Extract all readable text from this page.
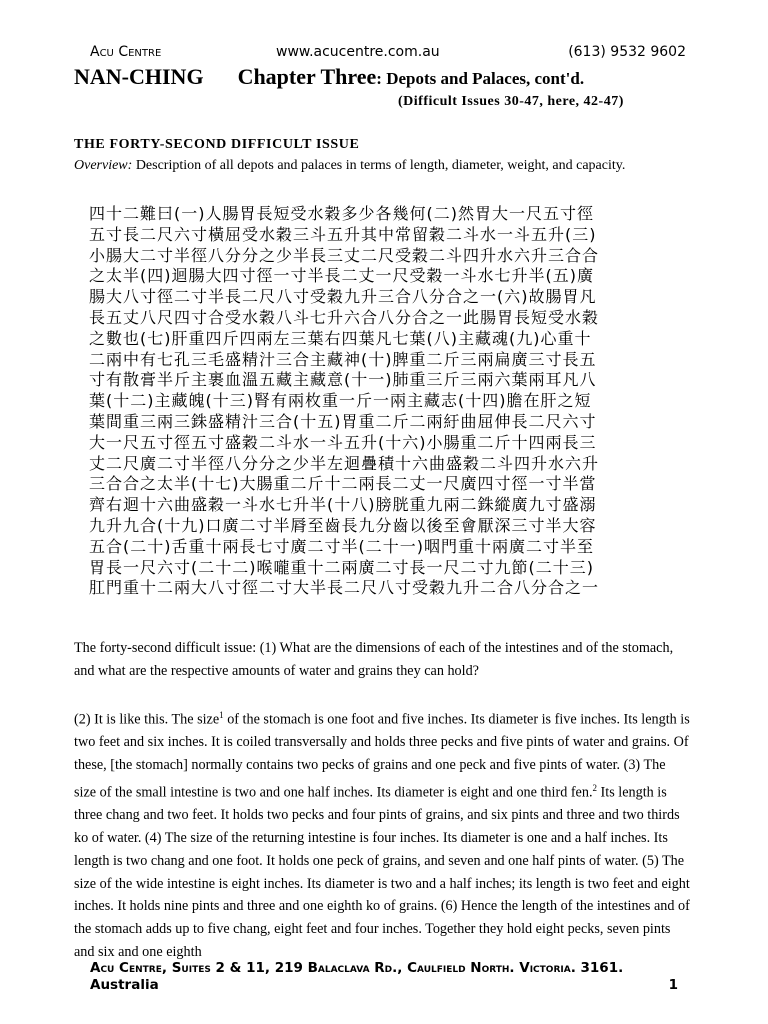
Acu Centre	www.acucentre.com.au	(613) 9532 9602
NAN-CHING Chapter Three: Depots and Palaces, cont'd.
(Difficult Issues 30-47, here, 42-47)
THE FORTY-SECOND DIFFICULT ISSUE
Overview: Description of all depots and palaces in terms of length, diameter, weight, and capacity.
四十二難曰(一)人腸胃長短受水穀多少各幾何(二)然胃大一尺五寸徑
五寸長二尺六寸橫屈受水穀三斗五升其中常留穀二斗水一斗五升(三)
小腸大二寸半徑八分分之少半長三丈二尺受穀二斗四升水六升三合合
之太半(四)迴腸大四寸徑一寸半長二丈一尺受穀一斗水七升半(五)廣
腸大八寸徑二寸半長二尺八寸受穀九升三合八分合之一(六)故腸胃凡
長五丈八尺四寸合受水穀八斗七升六合八分合之一此腸胃長短受水穀
之數也(七)肝重四斤四兩左三葉右四葉凡七葉(八)主藏魂(九)心重十
二兩中有七孔三毛盛精汁三合主藏神(十)脾重二斤三兩扁廣三寸長五
寸有散膏半斤主裹血溫五藏主藏意(十一)肺重三斤三兩六葉兩耳凡八
葉(十二)主藏魄(十三)腎有兩枚重一斤一兩主藏志(十四)膽在肝之短
葉間重三兩三銖盛精汁三合(十五)胃重二斤二兩紆曲屈伸長二尺六寸
大一尺五寸徑五寸盛穀二斗水一斗五升(十六)小腸重二斤十四兩長三
丈二尺廣二寸半徑八分分之少半左迴疊積十六曲盛穀二斗四升水六升
三合合之太半(十七)大腸重二斤十二兩長二丈一尺廣四寸徑一寸半當
齊右迴十六曲盛穀一斗水七升半(十八)膀胱重九兩二銖縱廣九寸盛溺
九升九合(十九)口廣二寸半脣至齒長九分齒以後至會厭深三寸半大容
五合(二十)舌重十兩長七寸廣二寸半(二十一)咽門重十兩廣二寸半至
胃長一尺六寸(二十二)喉嚨重十二兩廣二寸長一尺二寸九節(二十三)
肛門重十二兩大八寸徑二寸大半長二尺八寸受穀九升二合八分合之一

The forty-second difficult issue: (1) What are the dimensions of each of the intestines and of the stomach, and what are the respective amounts of water and grains they can hold?

(2) It is like this. The size$^1$ of the stomach is one foot and five inches. Its diameter is five inches. Its length is two feet and six inches. It is coiled transversally and holds three pecks and five pints of water and grains. Of these, [the stomach] normally contains two pecks of grains and one peck and five pints of water. (3) The size of the small intestine is two and one half inches. Its diameter is eight and one third fen.$^2$ Its length is three chang and two feet. It holds two pecks and four pints of grains, and six pints and three and two thirds ko of water. (4) The size of the returning intestine is four inches. Its diameter is one and a half inches. Its length is two chang and one foot. It holds one peck of grains, and seven and one half pints of water. (5) The size of the wide intestine is eight inches. Its diameter is two and a half inches; its length is two feet and eight inches. It holds nine pints and three and one eighth ko of grains. (6) Hence the length of the intestines and of the stomach adds up to five chang, eight feet and four inches. Together they hold eight pecks, seven pints and six and one eighth

Acu Centre, Suites 2 & 11, 219 Balaclava Rd., Caulfield North. Victoria. 3161.
Australia	1
